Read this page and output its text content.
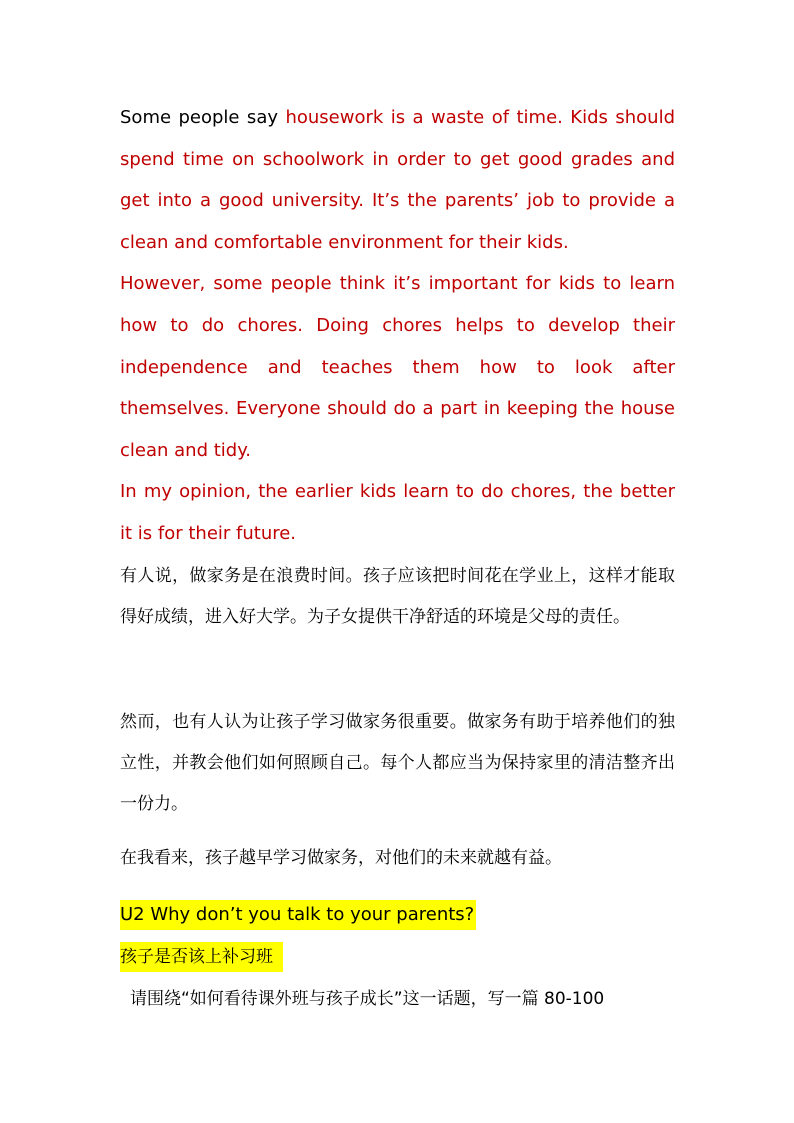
Some people say housework is a waste of time. Kids should spend time on schoolwork in order to get good grades and get into a good university. It’s the parents’ job to provide a clean and comfortable environment for their kids.

However, some people think it’s important for kids to learn how to do chores. Doing chores helps to develop their independence and teaches them how to look after themselves. Everyone should do a part in keeping the house clean and tidy.

In my opinion, the earlier kids learn to do chores, the better it is for their future.

有人说，做家务是在浪费时间。孩子应该把时间花在学业上，这样才能取得好成绩，进入好大学。为子女提供干净舒适的环境是父母的责任。

然而，也有人认为让孩子学习做家务很重要。做家务有助于培养他们的独立性，并教会他们如何照顾自己。每个人都应当为保持家里的清洁整齐出一份力。

在我看来，孩子越早学习做家务，对他们的未来就越有益。

U2 Why don’t you talk to your parents?
孩子是否该上补习班
请围绕“如何看待课外班与孩子成长”这一话题，写一篇 80-100
